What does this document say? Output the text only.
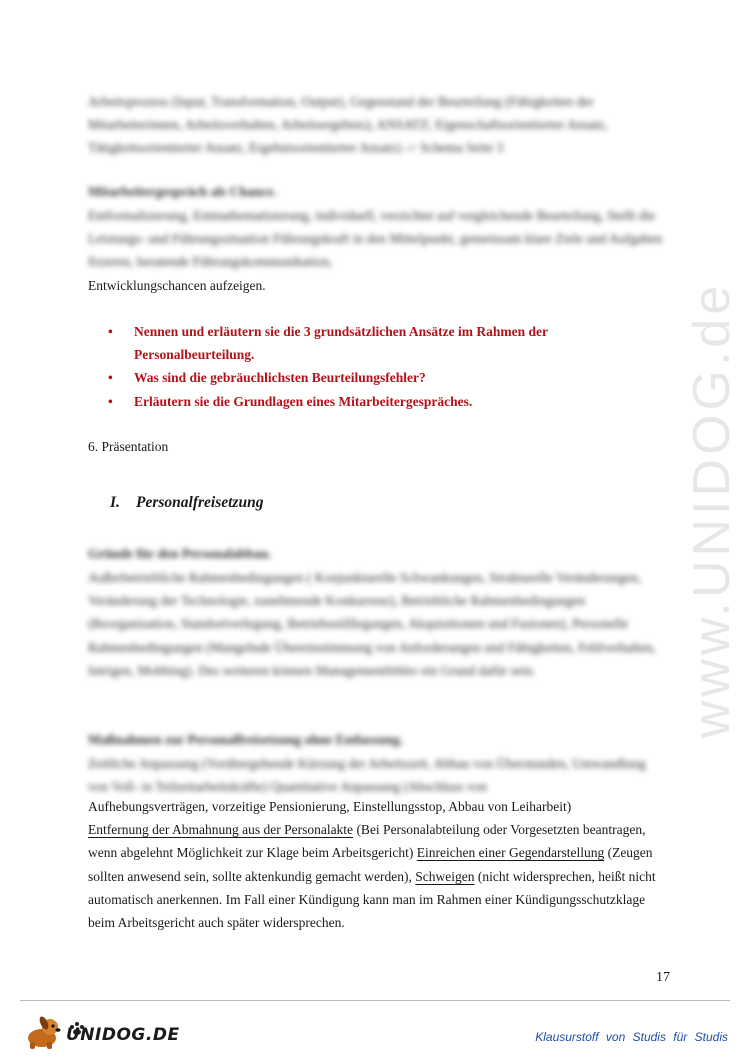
Arbeitsprozess (Input, Transformation, Output), Gegenstand der Beurteilung (Fähigkeiten der Mitarbeiterinnen, Arbeitsverhalten, Arbeitsergebnis), ANSATZ; Eigenschaftsorientierter Ansatz, Tätigkeitsorientierter Ansatz, Ergebnisorientierter Ansatz) -> Schema Seite 3
Mitarbeitergespräch als Chance.
Entformalisierung, Entmathematisierung, individuell, verzichtet auf vergleichende Beurteilung, Stellt die Leistungs- und Führungssituation Führungskraft in den Mittelpunkt, gemeinsam klare Ziele und Aufgaben fixieren, beratende Führungskommunikation,
Entwicklungschancen aufzeigen.
• Nennen und erläutern sie die 3 grundsätzlichen Ansätze im Rahmen der Personalbeurteilung.
• Was sind die gebräuchlichsten Beurteilungsfehler?
• Erläutern sie die Grundlagen eines Mitarbeitergespräches.
6. Präsentation
I. Personalfreisetzung
Gründe für den Personalabbau.
Außerbetriebliche Rahmenbedingungen ( Konjunkturelle Schwankungen, Strukturelle Veränderungen, Veränderung der Technologie, zunehmende Konkurrenz), Betriebliche Rahmenbedingungen (Reorganisation, Standortverlegung, Betriebsstilllegungen, Akquisitionen und Fusionen), Personelle Rahmenbedingungen (Mangelnde Übereinstimmung von Anforderungen und Fähigkeiten, Fehlverhalten, Intrigen, Mobbing). Des weiteren können Managementfehler ein Grund dafür sein.
Maßnahmen zur Personalfreisetzung ohne Entlassung.
Zeitliche Anpassung (Vorübergehende Kürzung der Arbeitszeit, Abbau von Überstunden, Umwandlung von Voll- in Teilzeitarbeitskräfte) Quantitative Anpassung (Abschluss von
Aufhebungsverträgen, vorzeitige Pensionierung, Einstellungsstop, Abbau von Leiharbeit)
Entfernung der Abmahnung aus der Personalakte (Bei Personalabteilung oder Vorgesetzten beantragen, wenn abgelehnt Möglichkeit zur Klage beim Arbeitsgericht) Einreichen einer Gegendarstellung (Zeugen sollten anwesend sein, sollte aktenkundig gemacht werden), Schweigen (nicht widersprechen, heißt nicht automatisch anerkennen. Im Fall einer Kündigung kann man im Rahmen einer Kündigungsschutzklage beim Arbeitsgericht auch später widersprechen.
www.UNIDOG.de
17
UNIDOG.DE	Klausurstoff von Studis für Studis
